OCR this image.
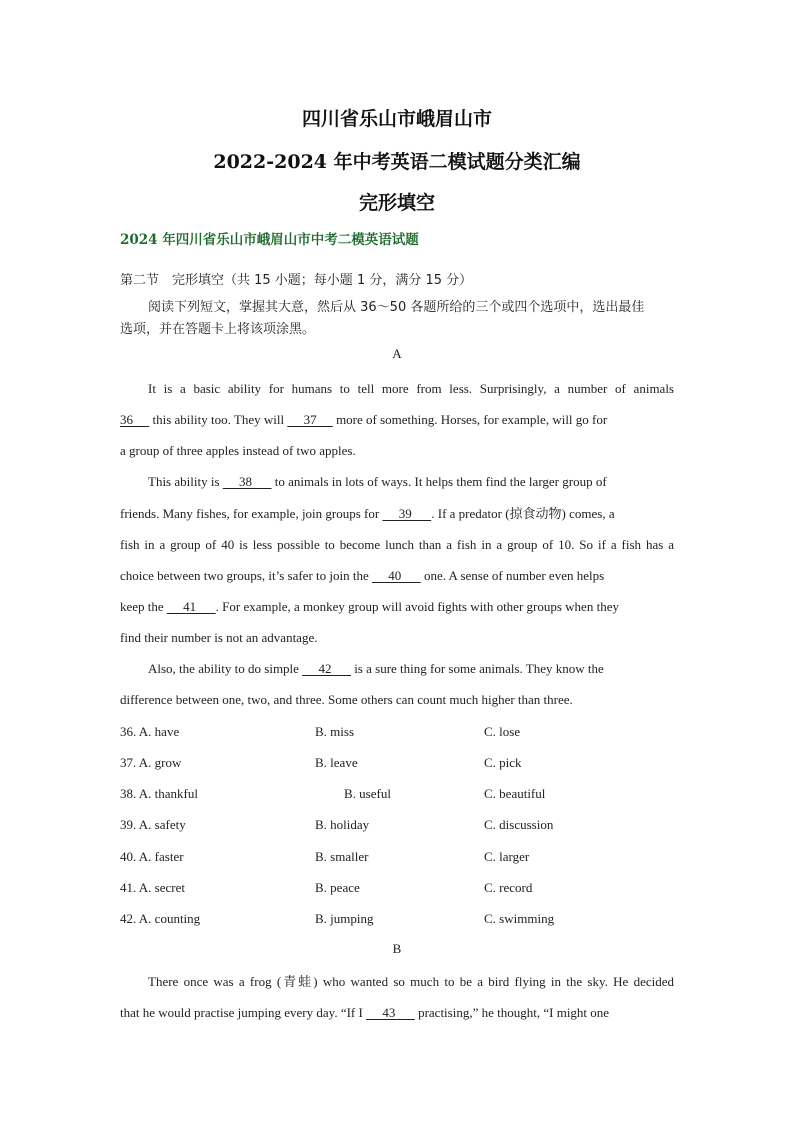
四川省乐山市峨眉山市
2022-2024 年中考英语二模试题分类汇编
完形填空
2024 年四川省乐山市峨眉山市中考二模英语试题
第二节　完形填空（共 15 小题；每小题 1 分，满分 15 分）
阅读下列短文，掌握其大意，然后从 36～50 各题所给的三个或四个选项中，选出最佳
选项，并在答题卡上将该项涂黑。
A
It is a basic ability for humans to tell more from less. Surprisingly, a number of animals
36      this ability too. They will      37      more of something. Horses, for example, will go for
a group of three apples instead of two apples.
This ability is      38       to animals in lots of ways. It helps them find the larger group of
friends. Many fishes, for example, join groups for      39      . If a predator (掠食动物) comes, a
fish in a group of 40 is less possible to become lunch than a fish in a group of 10. So if a fish has a
choice between two groups, it’s safer to join the      40       one. A sense of number even helps
keep the      41      . For example, a monkey group will avoid fights with other groups when they
find their number is not an advantage.
Also, the ability to do simple      42       is a sure thing for some animals. They know the
difference between one, two, and three. Some others can count much higher than three.
36. A. have	B. miss	C. lose
37. A. grow	B. leave	C. pick
38. A. thankful	B. useful	C. beautiful
39. A. safety	B. holiday	C. discussion
40. A. faster	B. smaller	C. larger
41. A. secret	B. peace	C. record
42. A. counting	B. jumping	C. swimming
B
There once was a frog (青蛙) who wanted so much to be a bird flying in the sky. He decided
that he would practise jumping every day. “If I      43       practising,” he thought, “I might one
